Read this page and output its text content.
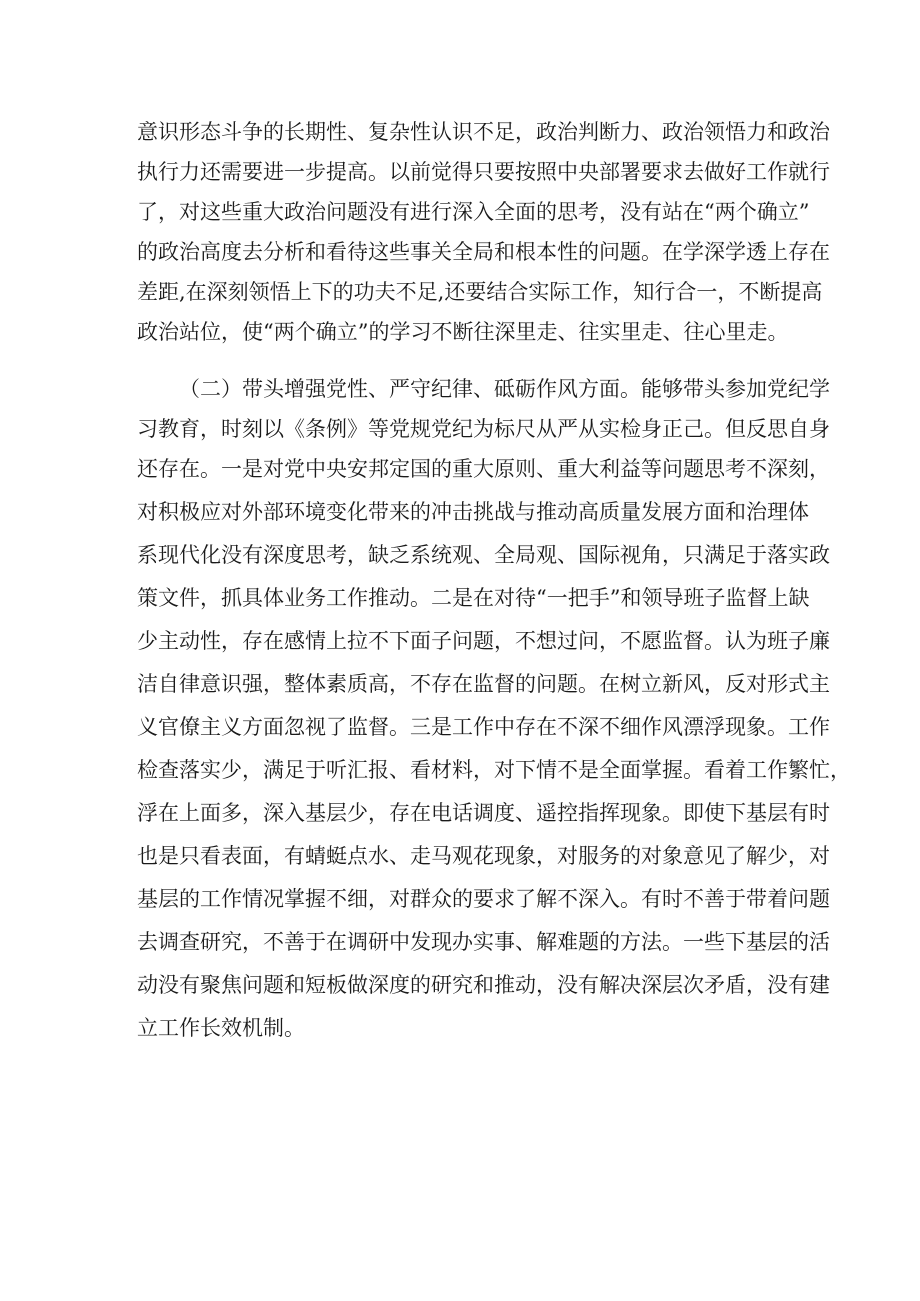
意识形态斗争的长期性、复杂性认识不足，政治判断力、政治领悟力和政治
执行力还需要进一步提高。以前觉得只要按照中央部署要求去做好工作就行
了，对这些重大政治问题没有进行深入全面的思考，没有站在“两个确立”
的政治高度去分析和看待这些事关全局和根本性的问题。在学深学透上存在
差距,在深刻领悟上下的功夫不足,还要结合实际工作，知行合一，不断提高
政治站位，使“两个确立”的学习不断往深里走、往实里走、往心里走。
（二）带头增强党性、严守纪律、砥砺作风方面。能够带头参加党纪学
习教育，时刻以《条例》等党规党纪为标尺从严从实检身正己。但反思自身
还存在。一是对党中央安邦定国的重大原则、重大利益等问题思考不深刻，
对积极应对外部环境变化带来的冲击挑战与推动高质量发展方面和治理体
系现代化没有深度思考，缺乏系统观、全局观、国际视角，只满足于落实政
策文件，抓具体业务工作推动。二是在对待“一把手”和领导班子监督上缺
少主动性，存在感情上拉不下面子问题，不想过问，不愿监督。认为班子廉
洁自律意识强，整体素质高，不存在监督的问题。在树立新风，反对形式主
义官僚主义方面忽视了监督。三是工作中存在不深不细作风漂浮现象。工作
检查落实少，满足于听汇报、看材料，对下情不是全面掌握。看着工作繁忙，
浮在上面多，深入基层少，存在电话调度、遥控指挥现象。即使下基层有时
也是只看表面，有蜻蜓点水、走马观花现象，对服务的对象意见了解少，对
基层的工作情况掌握不细，对群众的要求了解不深入。有时不善于带着问题
去调查研究，不善于在调研中发现办实事、解难题的方法。一些下基层的活
动没有聚焦问题和短板做深度的研究和推动，没有解决深层次矛盾，没有建
立工作长效机制。
